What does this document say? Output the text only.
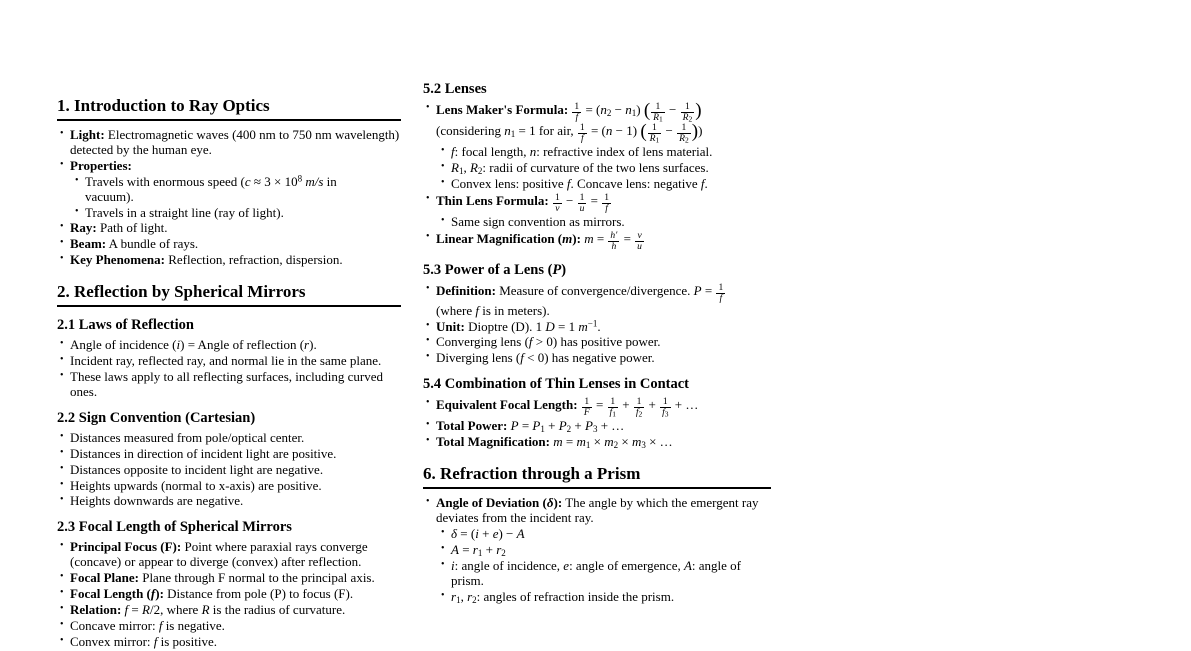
1. Introduction to Ray Optics
• Light: Electromagnetic waves (400 nm to 750 nm wavelength)
detected by the human eye.
• Properties:
• Travels with enormous speed ($c \approx 3 \times 10^8$ m/s in
vacuum).
• Travels in a straight line (ray of light).
• Ray: Path of light.
• Beam: A bundle of rays.
• Key Phenomena: Reflection, refraction, dispersion.
2. Reflection by Spherical Mirrors
2.1 Laws of Reflection
• Angle of incidence (i) = Angle of reflection (r).
• Incident ray, reflected ray, and normal lie in the same plane.
• These laws apply to all reflecting surfaces, including curved
ones.
2.2 Sign Convention (Cartesian)
• Distances measured from pole/optical center.
• Distances in direction of incident light are positive.
• Distances opposite to incident light are negative.
• Heights upwards (normal to x-axis) are positive.
• Heights downwards are negative.
2.3 Focal Length of Spherical Mirrors
• Principal Focus (F): Point where paraxial rays converge
(concave) or appear to diverge (convex) after reflection.
• Focal Plane: Plane through F normal to the principal axis.
• Focal Length (f): Distance from pole (P) to focus (F).
• Relation: f = R/2, where R is the radius of curvature.
• Concave mirror: f is negative.
• Convex mirror: f is positive.
5.2 Lenses
• Lens Maker's Formula: $\frac{1}{f} = (n_2 - n_1)$ ( $\frac{1}{R_1} - \frac{1}{R_2}$ )
(considering $n_1 = 1$ for air, $\frac{1}{f} = (n - 1)$ ( $\frac{1}{R_1} - \frac{1}{R_2}$ ))
• f: focal length, n: refractive index of lens material.
• $R_1$, $R_2$: radii of curvature of the two lens surfaces.
• Convex lens: positive f. Concave lens: negative f.
• Thin Lens Formula: $\frac{1}{v} - \frac{1}{u} = \frac{1}{f}$
• Same sign convention as mirrors.
• Linear Magnification (m): $m = \frac{h'}{h} = \frac{v}{u}$
5.3 Power of a Lens (P)
• Definition: Measure of convergence/divergence. $P = \frac{1}{f}$

(where f is in meters).
• Unit: Dioptre (D). 1 D = 1 $m^{-1}$.
• Converging lens (f > 0) has positive power.
• Diverging lens (f < 0) has negative power.
5.4 Combination of Thin Lenses in Contact
• Equivalent Focal Length: $\frac{1}{F} = \frac{1}{f_1} + \frac{1}{f_2} + \frac{1}{f_3}$ + …
• Total Power: $P = P_1 + P_2 + P_3$ + …
• Total Magnification: $m = m_1 \times m_2 \times m_3$ × …
6. Refraction through a Prism
• Angle of Deviation (δ): The angle by which the emergent ray
deviates from the incident ray.
• δ = (i + e) − A
• $A = r_1 + r_2$
• i: angle of incidence, e: angle of emergence, A: angle of
prism.
• $r_1$, $r_2$: angles of refraction inside the prism.
